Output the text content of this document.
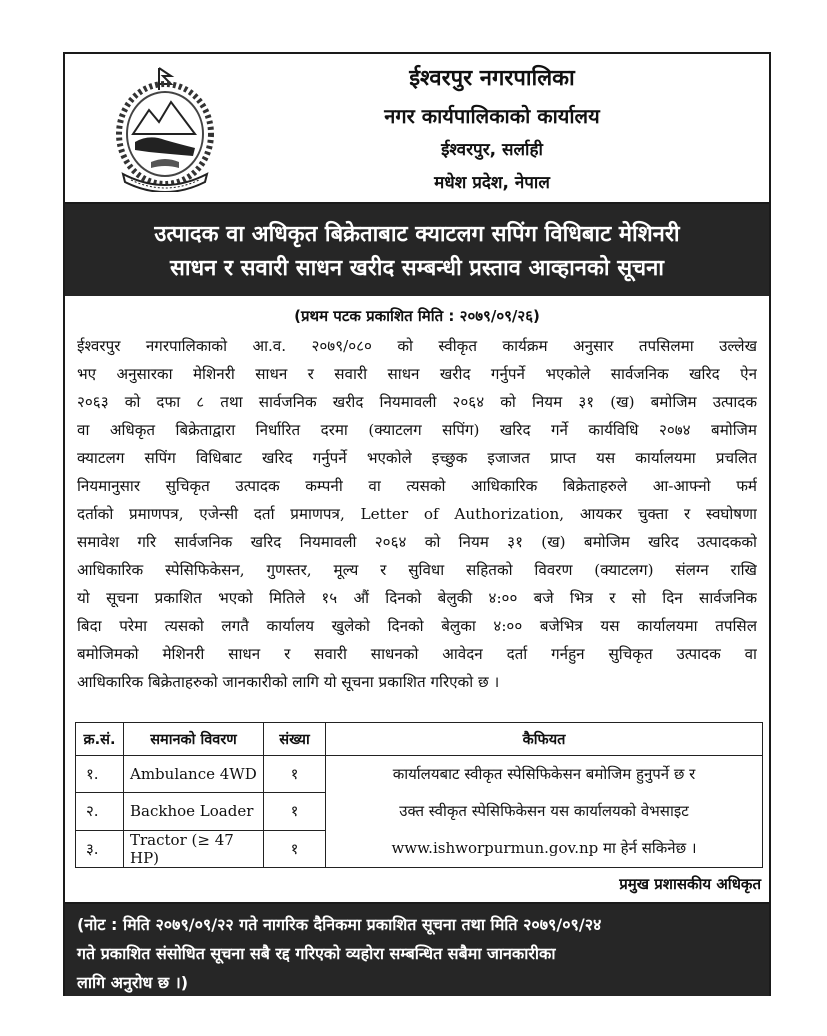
ईश्वरपुर नगरपालिका
नगर कार्यपालिकाको कार्यालय
ईश्वरपुर, सर्लाही
मधेश प्रदेश, नेपाल
उत्पादक वा अधिकृत बिक्रेताबाट क्याटलग सपिंग विधिबाट मेशिनरी
साधन र सवारी साधन खरीद सम्बन्धी प्रस्ताव आव्हानको सूचना
(प्रथम पटक प्रकाशित मिति : २०७९/०९/२६)
ईश्वरपुर नगरपालिकाको आ.व. २०७९/०८० को स्वीकृत कार्यक्रम अनुसार तपसिलमा उल्लेख
भए अनुसारका मेशिनरी साधन र सवारी साधन खरीद गर्नुपर्ने भएकोले सार्वजनिक खरिद ऐन
२०६३ को दफा ८ तथा सार्वजनिक खरीद नियमावली २०६४ को नियम ३१ (ख) बमोजिम उत्पादक
वा अधिकृत बिक्रेताद्वारा निर्धारित दरमा (क्याटलग सपिंग) खरिद गर्ने कार्यविधि २०७४ बमोजिम
क्याटलग सपिंग विधिबाट खरिद गर्नुपर्ने भएकोले इच्छुक इजाजत प्राप्त यस कार्यालयमा प्रचलित
नियमानुसार सुचिकृत उत्पादक कम्पनी वा त्यसको आधिकारिक बिक्रेताहरुले आ-आफ्नो फर्म
दर्ताको प्रमाणपत्र, एजेन्सी दर्ता प्रमाणपत्र, Letter of Authorization, आयकर चुक्ता र स्वघोषणा
समावेश गरि सार्वजनिक खरिद नियमावली २०६४ को नियम ३१ (ख) बमोजिम खरिद उत्पादकको
आधिकारिक स्पेसिफिकेसन, गुणस्तर, मूल्य र सुविधा सहितको विवरण (क्याटलग) संलग्न राखि
यो सूचना प्रकाशित भएको मितिले १५ औं दिनको बेलुकी ४:०० बजे भित्र र सो दिन सार्वजनिक
बिदा परेमा त्यसको लगतै कार्यालय खुलेको दिनको बेलुका ४:०० बजेभित्र यस कार्यालयमा तपसिल
बमोजिमको मेशिनरी साधन र सवारी साधनको आवेदन दर्ता गर्नहुन सुचिकृत उत्पादक वा
आधिकारिक बिक्रेताहरुको जानकारीको लागि यो सूचना प्रकाशित गरिएको छ ।
क्र.सं.	समानको विवरण	संख्या	कैफियत
१.	Ambulance 4WD	१	कार्यालयबाट स्वीकृत स्पेसिफिकेसन बमोजिम हुनुपर्ने छ र
उक्त स्वीकृत स्पेसिफिकेसन यस कार्यालयको वेभसाइट
www.ishworpurmun.gov.np मा हेर्न सकिनेछ ।

२.	Backhoe Loader	१	
३.	Tractor (≥ 47 HP)	१	
प्रमुख प्रशासकीय अधिकृत
(नोट : मिति २०७९/०९/२२ गते नागरिक दैनिकमा प्रकाशित सूचना तथा मिति २०७९/०९/२४
गते प्रकाशित संसोधित सूचना सबै रद्द गरिएको व्यहोरा सम्बन्धित सबैमा जानकारीका
लागि अनुरोध छ ।)
